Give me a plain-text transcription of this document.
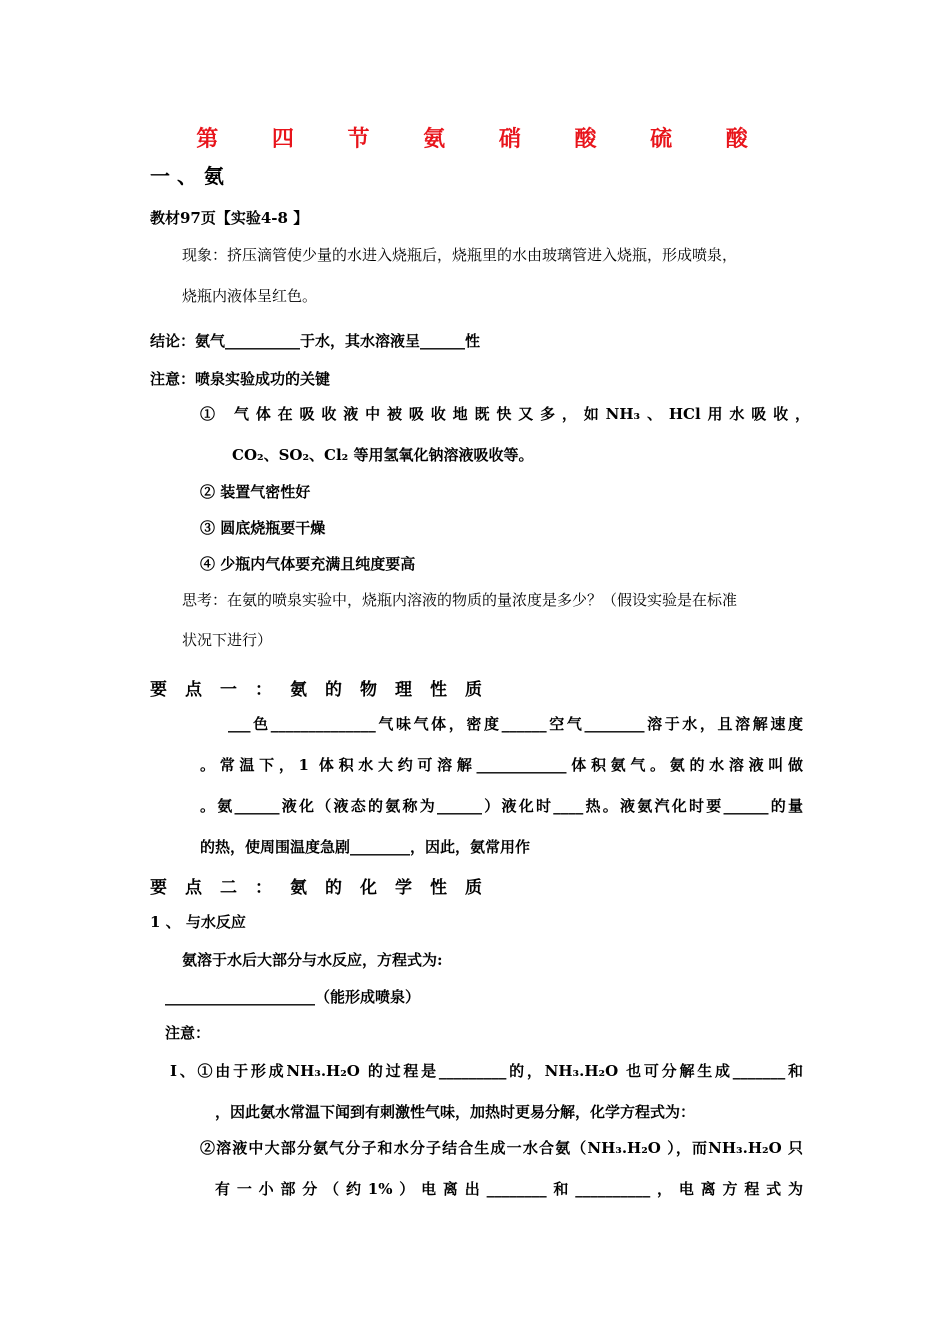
第 四 节 氨 硝 酸 硫 酸
一 、 氨
教材97页【实验4-8 】
现象：挤压滴管使少量的水进入烧瓶后，烧瓶里的水由玻璃管进入烧瓶，形成喷泉，
烧瓶内液体呈红色。
结论：氨气__________于水，其水溶液呈______性
注意：喷泉实验成功的关键
① 气体在吸收液中被吸收地既快又多，如NH₃、HCl用水吸收，
CO₂、SO₂、Cl₂ 等用氢氧化钠溶液吸收等。
② 装置气密性好
③ 圆底烧瓶要干燥
④ 少瓶内气体要充满且纯度要高
思考：在氨的喷泉实验中，烧瓶内溶液的物质的量浓度是多少？（假设实验是在标准
状况下进行）
要点一：氨的物理性质
___色______________气味气体，密度______空气________溶于水，且溶解速度
。常温下，1 体积水大约可溶解____________体积氨气。氨的水溶液叫做
。氨______液化（液态的氨称为______）液化时____热。液氨汽化时要______的量
的热，使周围温度急剧________，因此，氨常用作
要点二：氨的化学性质
1 、 与水反应
氨溶于水后大部分与水反应，方程式为:
____________________（能形成喷泉）
注意：
Ⅰ、①由于形成NH₃.H₂O 的过程是_________的，NH₃.H₂O 也可分解生成_______和
，因此氨水常温下闻到有刺激性气味，加热时更易分解，化学方程式为：
②溶液中大部分氨气分子和水分子结合生成一水合氨（NH₃.H₂O ），而NH₃.H₂O 只
有一小部分（约1%）电离出________和__________，电离方程式为
